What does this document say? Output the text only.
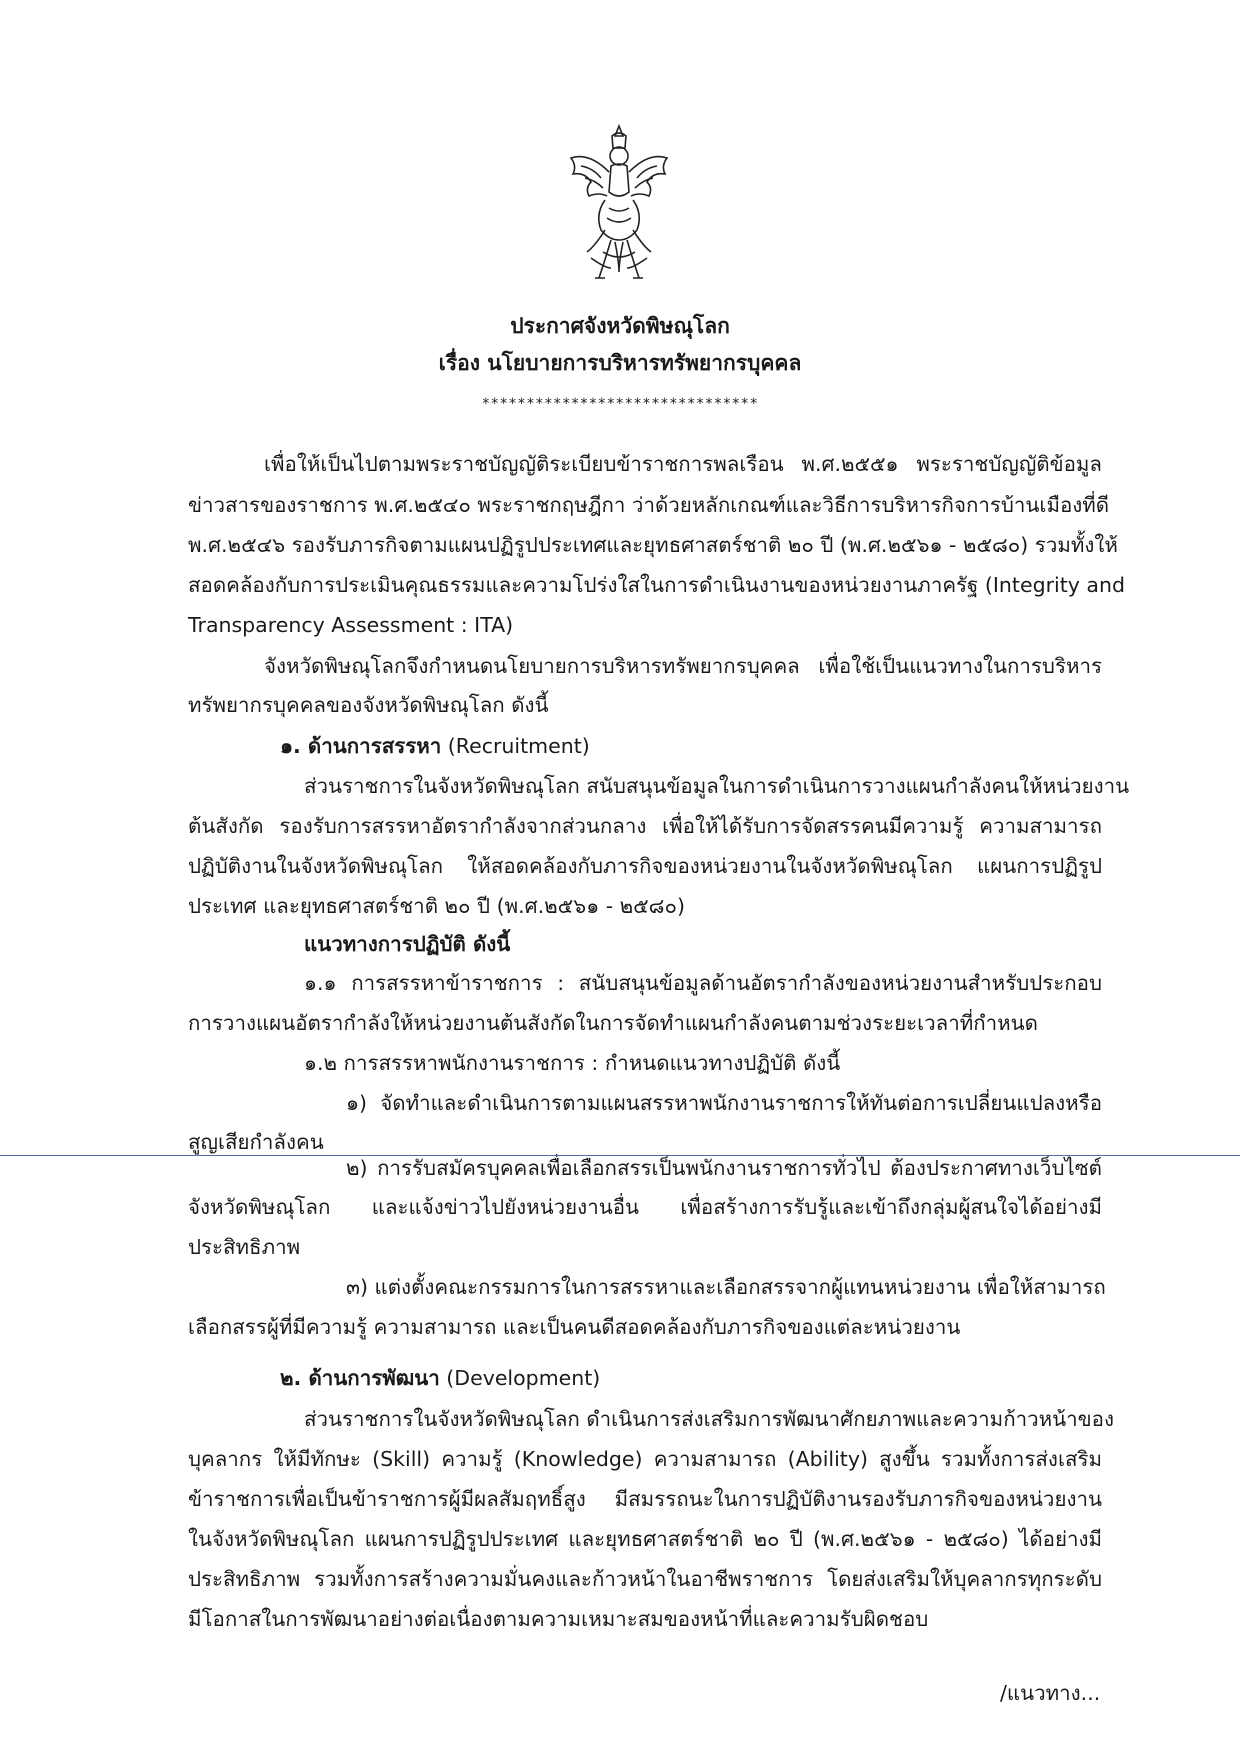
ประกาศจังหวัดพิษณุโลก
เรื่อง นโยบายการบริหารทรัพยากรบุคคล
*******************************
เพื่อให้เป็นไปตามพระราชบัญญัติระเบียบข้าราชการพลเรือน พ.ศ.๒๕๕๑ พระราชบัญญัติข้อมูล
ข่าวสารของราชการ พ.ศ.๒๕๔๐ พระราชกฤษฎีกา ว่าด้วยหลักเกณฑ์และวิธีการบริหารกิจการบ้านเมืองที่ดี
พ.ศ.๒๕๔๖ รองรับภารกิจตามแผนปฏิรูปประเทศและยุทธศาสตร์ชาติ ๒๐ ปี (พ.ศ.๒๕๖๑ - ๒๕๘๐) รวมทั้งให้
สอดคล้องกับการประเมินคุณธรรมและความโปร่งใสในการดำเนินงานของหน่วยงานภาครัฐ (Integrity and
Transparency Assessment : ITA)
จังหวัดพิษณุโลกจึงกำหนดนโยบายการบริหารทรัพยากรบุคคล เพื่อใช้เป็นแนวทางในการบริหาร
ทรัพยากรบุคคลของจังหวัดพิษณุโลก ดังนี้
๑. ด้านการสรรหา (Recruitment)
ส่วนราชการในจังหวัดพิษณุโลก สนับสนุนข้อมูลในการดำเนินการวางแผนกำลังคนให้หน่วยงาน
ต้นสังกัด รองรับการสรรหาอัตรากำลังจากส่วนกลาง เพื่อให้ได้รับการจัดสรรคนมีความรู้ ความสามารถ
ปฏิบัติงานในจังหวัดพิษณุโลก ให้สอดคล้องกับภารกิจของหน่วยงานในจังหวัดพิษณุโลก แผนการปฏิรูป
ประเทศ และยุทธศาสตร์ชาติ ๒๐ ปี (พ.ศ.๒๕๖๑ - ๒๕๘๐)
แนวทางการปฏิบัติ ดังนี้
๑.๑ การสรรหาข้าราชการ : สนับสนุนข้อมูลด้านอัตรากำลังของหน่วยงานสำหรับประกอบ
การวางแผนอัตรากำลังให้หน่วยงานต้นสังกัดในการจัดทำแผนกำลังคนตามช่วงระยะเวลาที่กำหนด
๑.๒ การสรรหาพนักงานราชการ : กำหนดแนวทางปฏิบัติ ดังนี้
๑) จัดทำและดำเนินการตามแผนสรรหาพนักงานราชการให้ทันต่อการเปลี่ยนแปลงหรือ
สูญเสียกำลังคน
๒) การรับสมัครบุคคลเพื่อเลือกสรรเป็นพนักงานราชการทั่วไป ต้องประกาศทางเว็บไซต์
จังหวัดพิษณุโลก และแจ้งข่าวไปยังหน่วยงานอื่น เพื่อสร้างการรับรู้และเข้าถึงกลุ่มผู้สนใจได้อย่างมี
ประสิทธิภาพ
๓) แต่งตั้งคณะกรรมการในการสรรหาและเลือกสรรจากผู้แทนหน่วยงาน เพื่อให้สามารถ
เลือกสรรผู้ที่มีความรู้ ความสามารถ และเป็นคนดีสอดคล้องกับภารกิจของแต่ละหน่วยงาน
๒. ด้านการพัฒนา (Development)
ส่วนราชการในจังหวัดพิษณุโลก ดำเนินการส่งเสริมการพัฒนาศักยภาพและความก้าวหน้าของ
บุคลากร ให้มีทักษะ (Skill) ความรู้ (Knowledge) ความสามารถ (Ability) สูงขึ้น รวมทั้งการส่งเสริม
ข้าราชการเพื่อเป็นข้าราชการผู้มีผลสัมฤทธิ์สูง มีสมรรถนะในการปฏิบัติงานรองรับภารกิจของหน่วยงาน
ในจังหวัดพิษณุโลก แผนการปฏิรูปประเทศ และยุทธศาสตร์ชาติ ๒๐ ปี (พ.ศ.๒๕๖๑ - ๒๕๘๐) ได้อย่างมี
ประสิทธิภาพ รวมทั้งการสร้างความมั่นคงและก้าวหน้าในอาชีพราชการ โดยส่งเสริมให้บุคลากรทุกระดับ
มีโอกาสในการพัฒนาอย่างต่อเนื่องตามความเหมาะสมของหน้าที่และความรับผิดชอบ
/แนวทาง...
